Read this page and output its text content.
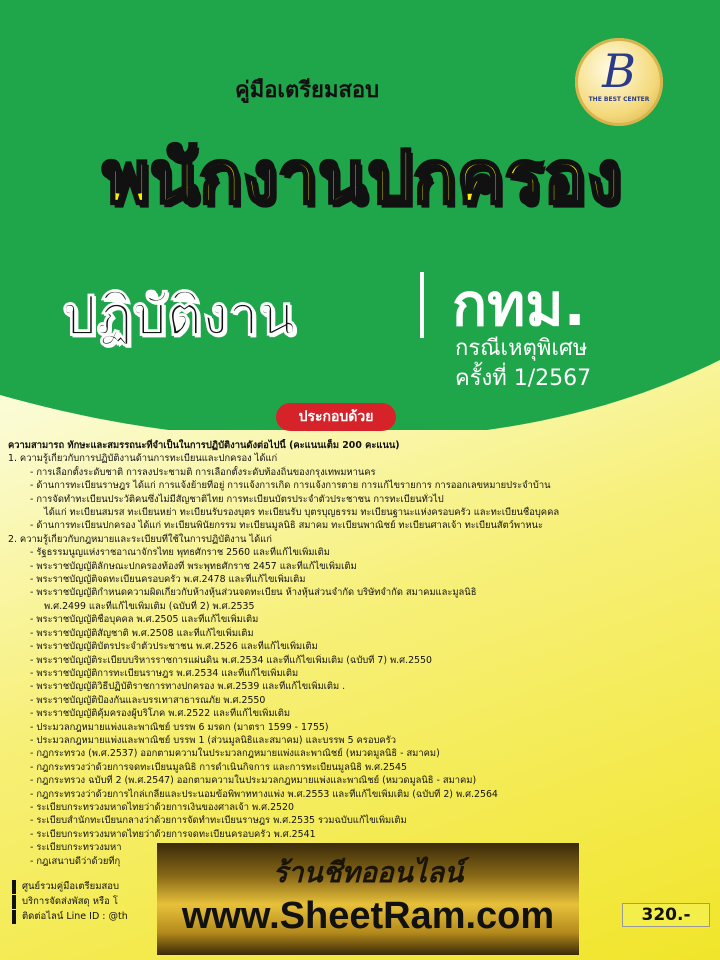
B
THE BEST CENTER
คู่มือเตรียมสอบ
พนักงานปกครอง
ปฏิบัติงาน	กทม.
กรณีเหตุพิเศษ
ครั้งที่ 1/2567
ประกอบด้วย
ความสามารถ ทักษะและสมรรถนะที่จำเป็นในการปฏิบัติงานดังต่อไปนี้ (คะแนนเต็ม 200 คะแนน)
1. ความรู้เกี่ยวกับการปฏิบัติงานด้านการทะเบียนและปกครอง ได้แก่
- การเลือกตั้งระดับชาติ การลงประชามติ การเลือกตั้งระดับท้องถิ่นของกรุงเทพมหานคร
- ด้านการทะเบียนราษฎร ได้แก่ การแจ้งย้ายที่อยู่ การแจ้งการเกิด การแจ้งการตาย การแก้ไขรายการ การออกเลขหมายประจำบ้าน
- การจัดทำทะเบียนประวัติคนซึ่งไม่มีสัญชาติไทย การทะเบียนบัตรประจำตัวประชาชน การทะเบียนทั่วไป
ได้แก่ ทะเบียนสมรส ทะเบียนหย่า ทะเบียนรับรองบุตร ทะเบียนรับ บุตรบุญธรรม ทะเบียนฐานะแห่งครอบครัว และทะเบียนชื่อบุคคล
- ด้านการทะเบียนปกครอง ได้แก่ ทะเบียนพินัยกรรม ทะเบียนมูลนิธิ สมาคม ทะเบียนพาณิชย์ ทะเบียนศาลเจ้า ทะเบียนสัตว์พาหนะ
2. ความรู้เกี่ยวกับกฎหมายและระเบียบที่ใช้ในการปฏิบัติงาน ได้แก่
- รัฐธรรมนูญแห่งราชอาณาจักรไทย พุทธศักราช 2560 และที่แก้ไขเพิ่มเติม
- พระราชบัญญัติลักษณะปกครองท้องที่ พระพุทธศักราช 2457 และที่แก้ไขเพิ่มเติม
- พระราชบัญญัติจดทะเบียนครอบครัว พ.ศ.2478 และที่แก้ไขเพิ่มเติม
- พระราชบัญญัติกำหนดความผิดเกี่ยวกับห้างหุ้นส่วนจดทะเบียน ห้างหุ้นส่วนจำกัด บริษัทจำกัด สมาคมและมูลนิธิ
พ.ศ.2499 และที่แก้ไขเพิ่มเติม (ฉบับที่ 2) พ.ศ.2535
- พระราชบัญญัติชื่อบุคคล พ.ศ.2505 และที่แก้ไขเพิ่มเติม
- พระราชบัญญัติสัญชาติ พ.ศ.2508 และที่แก้ไขเพิ่มเติม
- พระราชบัญญัติบัตรประจำตัวประชาชน พ.ศ.2526 และที่แก้ไขเพิ่มเติม
- พระราชบัญญัติระเบียบบริหารราชการแผ่นดิน พ.ศ.2534 และที่แก้ไขเพิ่มเติม (ฉบับที่ 7) พ.ศ.2550
- พระราชบัญญัติการทะเบียนราษฎร พ.ศ.2534 และที่แก้ไขเพิ่มเติม
- พระราชบัญญัติวิธีปฏิบัติราชการทางปกครอง พ.ศ.2539 และที่แก้ไขเพิ่มเติม .
- พระราชบัญญัติป้องกันและบรรเทาสาธารณภัย พ.ศ.2550
- พระราชบัญญัติคุ้มครองผู้บริโภค พ.ศ.2522 และที่แก้ไขเพิ่มเติม
- ประมวลกฎหมายแพ่งและพาณิชย์ บรรพ 6 มรดก (มาตรา 1599 - 1755)
- ประมวลกฎหมายแพ่งและพาณิชย์ บรรพ 1 (ส่วนมูลนิธิและสมาคม) และบรรพ 5 ครอบครัว
- กฎกระทรวง (พ.ศ.2537) ออกตามความในประมวลกฎหมายแพ่งและพาณิชย์ (หมวดมูลนิธิ - สมาคม)
- กฎกระทรวงว่าด้วยการจดทะเบียนมูลนิธิ การดำเนินกิจการ และการทะเบียนมูลนิธิ พ.ศ.2545
- กฎกระทรวง ฉบับที่ 2 (พ.ศ.2547) ออกตามความในประมวลกฎหมายแพ่งและพาณิชย์ (หมวดมูลนิธิ - สมาคม)
- กฎกระทรวงว่าด้วยการไกล่เกลี่ยและประนอมข้อพิพาททางแพ่ง พ.ศ.2553 และที่แก้ไขเพิ่มเติม (ฉบับที่ 2) พ.ศ.2564
- ระเบียบกระทรวงมหาดไทยว่าด้วยการเงินของศาลเจ้า พ.ศ.2520
- ระเบียบสำนักทะเบียนกลางว่าด้วยการจัดทำทะเบียนราษฎร พ.ศ.2535 รวมฉบับแก้ไขเพิ่มเติม
- ระเบียบกระทรวงมหาดไทยว่าด้วยการจดทะเบียนครอบครัว พ.ศ.2541
- ระเบียบกระทรวงมหา
- กฎเสนาบดีว่าด้วยที่กุ
ศูนย์รวมคู่มือเตรียมสอบ
บริการจัดส่งพัสดุ หรือ โ
ติดต่อไลน์ Line ID : @th
ร้านชีทออนไลน์
www.SheetRam.com	320.-
